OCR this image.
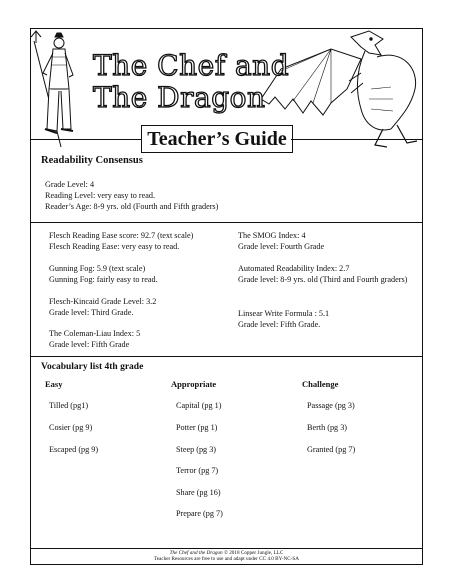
The Chef and
The Dragon
Teacher’s Guide
Readability Consensus
Grade Level: 4
Reading Level: very easy to read.
Reader’s Age: 8-9 yrs. old (Fourth and Fifth graders)
Flesch Reading Ease score: 92.7 (text scale)
Flesch Reading Ease: very easy to read.
Gunning Fog: 5.9 (text scale)
Gunning Fog: fairly easy to read.
Flesch-Kincaid Grade Level: 3.2
Grade level: Third Grade.
The Coleman-Liau Index: 5
Grade level: Fifth Grade
The SMOG Index: 4
Grade level: Fourth Grade
Automated Readability Index: 2.7
Grade level: 8-9 yrs. old (Third and Fourth graders)
Linsear Write Formula : 5.1
Grade level: Fifth Grade.
Vocabulary list 4th grade
Easy	Appropriate	Challenge
Tilled (pg1)
Cosier (pg 9)
Escaped (pg 9)
Capital (pg 1)
Potter (pg 1)
Steep (pg 3)
Terror (pg 7)
Share (pg 16)
Prepare (pg 7)
Passage (pg 3)
Berth (pg 3)
Granted (pg 7)
The Chef and the Dragon © 2018 Copper Jungle, LLC
Teacher Resources are free to use and adapt under CC 4.0 BY-NC-SA
